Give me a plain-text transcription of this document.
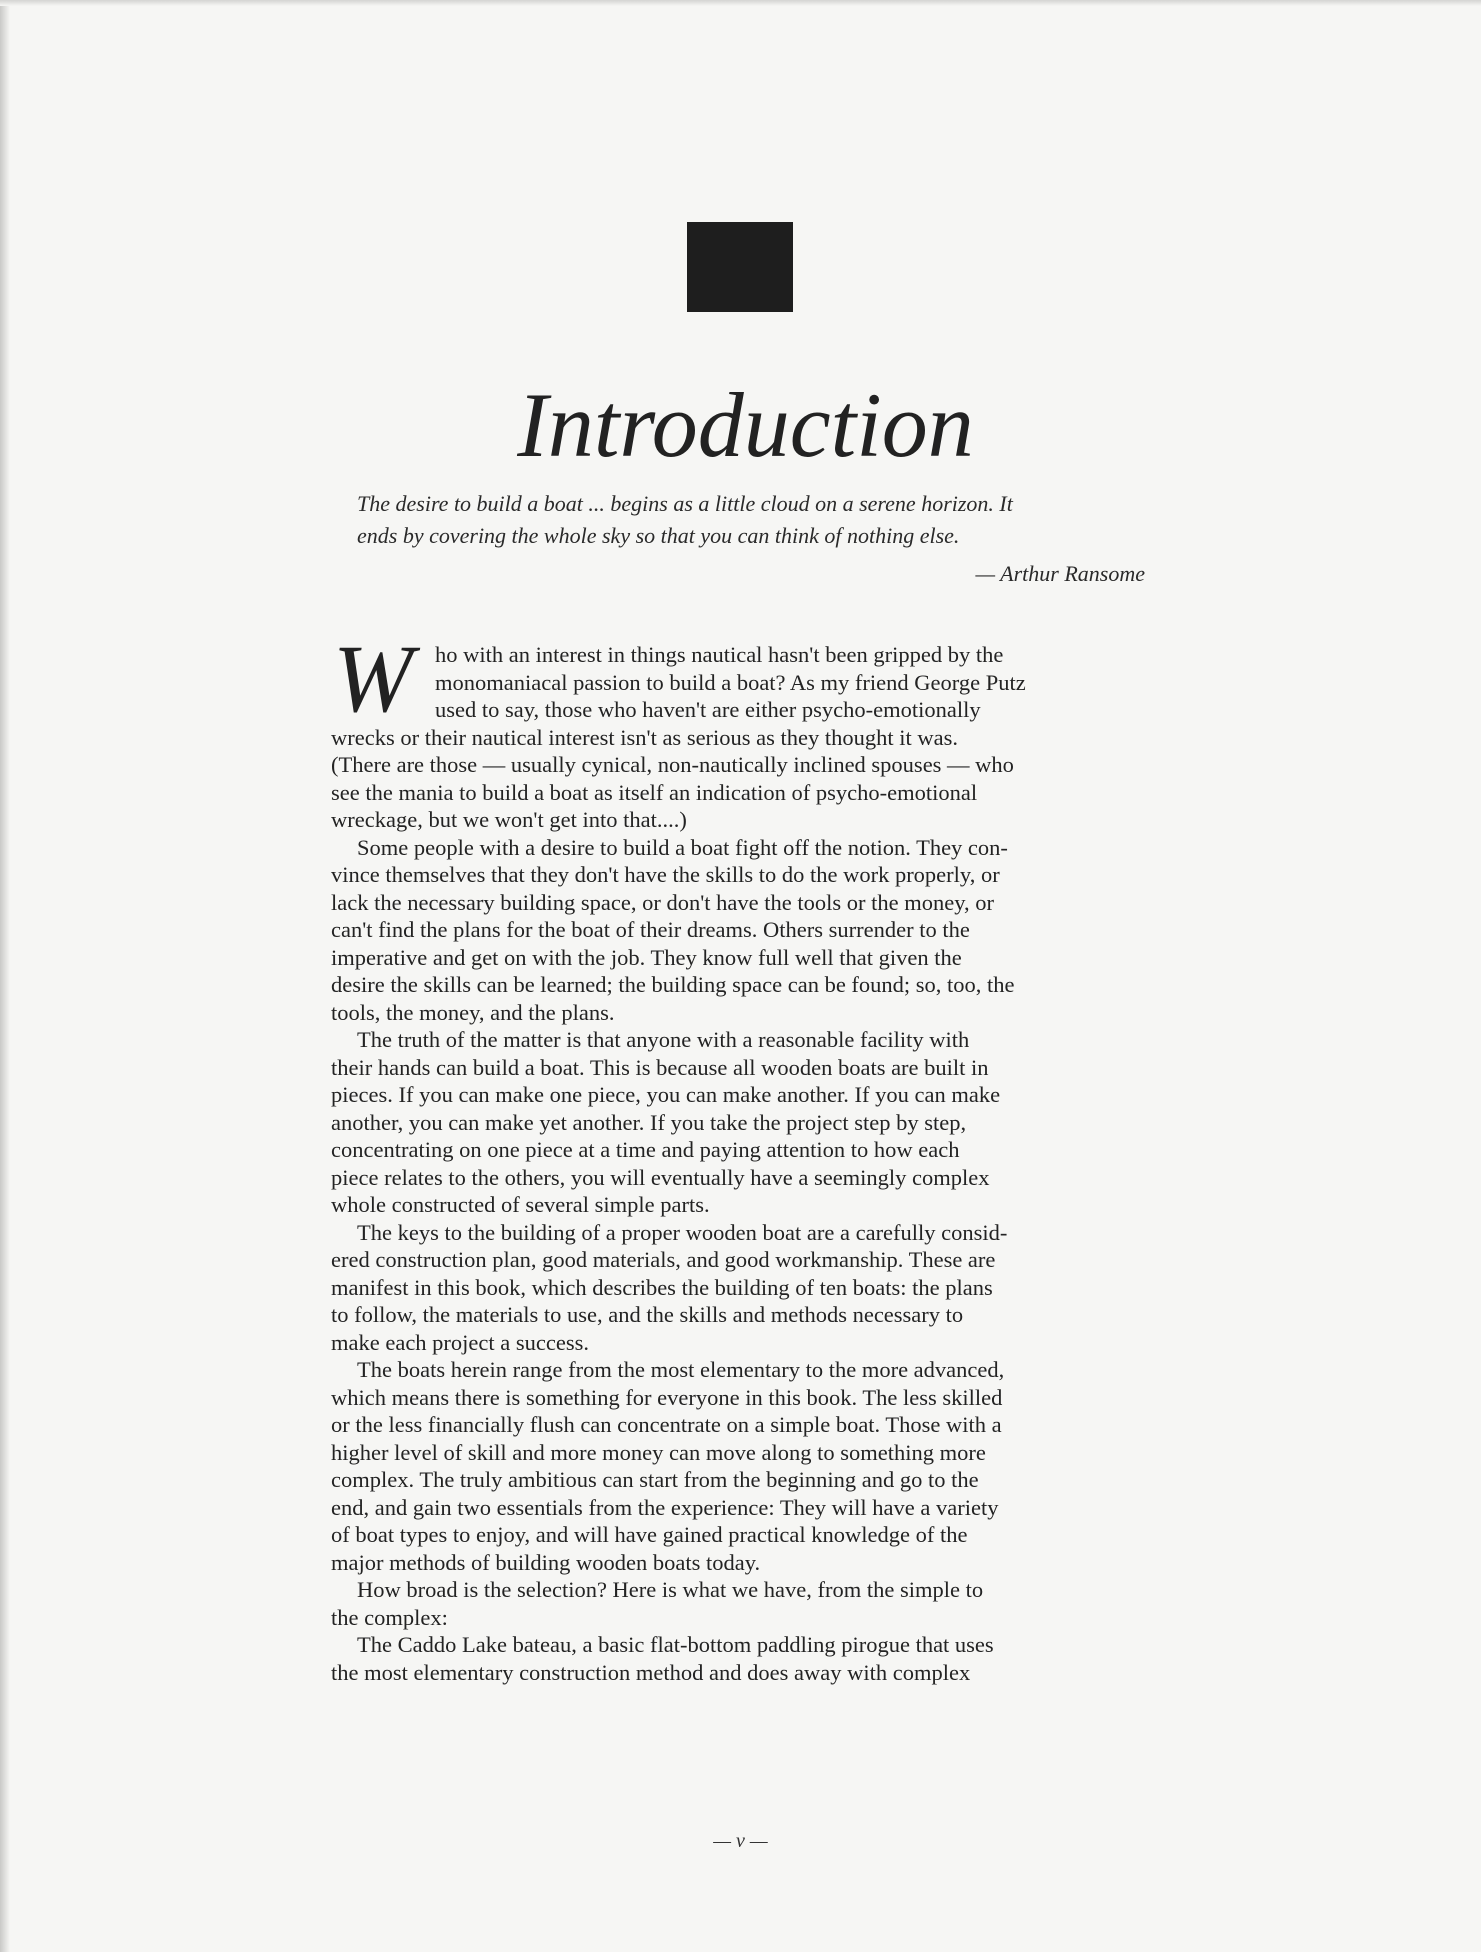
Introduction
The desire to build a boat ... begins as a little cloud on a serene horizon. It
ends by covering the whole sky so that you can think of nothing else.
— Arthur Ransome
W ho with an interest in things nautical hasn't been gripped by the
monomaniacal passion to build a boat? As my friend George Putz
used to say, those who haven't are either psycho-emotionally
wrecks or their nautical interest isn't as serious as they thought it was.
(There are those — usually cynical, non-nautically inclined spouses — who
see the mania to build a boat as itself an indication of psycho-emotional
wreckage, but we won't get into that....)
Some people with a desire to build a boat fight off the notion. They con-
vince themselves that they don't have the skills to do the work properly, or
lack the necessary building space, or don't have the tools or the money, or
can't find the plans for the boat of their dreams. Others surrender to the
imperative and get on with the job. They know full well that given the
desire the skills can be learned; the building space can be found; so, too, the
tools, the money, and the plans.
The truth of the matter is that anyone with a reasonable facility with
their hands can build a boat. This is because all wooden boats are built in
pieces. If you can make one piece, you can make another. If you can make
another, you can make yet another. If you take the project step by step,
concentrating on one piece at a time and paying attention to how each
piece relates to the others, you will eventually have a seemingly complex
whole constructed of several simple parts.
The keys to the building of a proper wooden boat are a carefully consid-
ered construction plan, good materials, and good workmanship. These are
manifest in this book, which describes the building of ten boats: the plans
to follow, the materials to use, and the skills and methods necessary to
make each project a success.
The boats herein range from the most elementary to the more advanced,
which means there is something for everyone in this book. The less skilled
or the less financially flush can concentrate on a simple boat. Those with a
higher level of skill and more money can move along to something more
complex. The truly ambitious can start from the beginning and go to the
end, and gain two essentials from the experience: They will have a variety
of boat types to enjoy, and will have gained practical knowledge of the
major methods of building wooden boats today.
How broad is the selection? Here is what we have, from the simple to
the complex:
The Caddo Lake bateau, a basic flat-bottom paddling pirogue that uses
the most elementary construction method and does away with complex
— v —
